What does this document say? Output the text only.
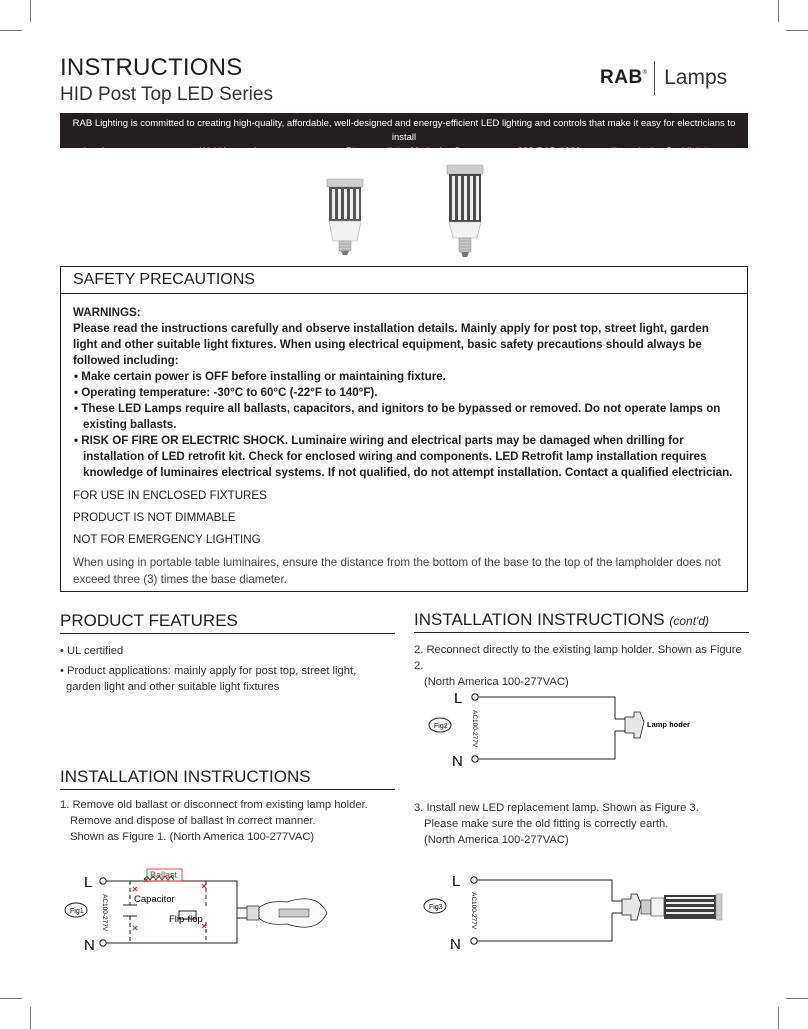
INSTRUCTIONS
HID Post Top LED Series
RAB ® Lamps
RAB Lighting is committed to creating high-quality, affordable, well-designed and energy-efficient LED lighting and controls that make it easy for electricians to install
and end users to save energy. We'd love to hear your comments. Please call the Marketing Department at 888-RAB-1000 or email: marketing@rablighting.com
SAFETY PRECAUTIONS
WARNINGS:
Please read the instructions carefully and observe installation details. Mainly apply for post top, street light, garden light and other suitable light fixtures. When using electrical equipment, basic safety precautions should always be followed including:
• Make certain power is OFF before installing or maintaining fixture.
• Operating temperature: -30°C to 60°C (-22°F to 140°F).
• These LED Lamps require all ballasts, capacitors, and ignitors to be bypassed or removed. Do not operate lamps on existing ballasts.
• RISK OF FIRE OR ELECTRIC SHOCK. Luminaire wiring and electrical parts may be damaged when drilling for installation of LED retrofit kit. Check for enclosed wiring and components. LED Retrofit lamp installation requires knowledge of luminaires electrical systems. If not qualified, do not attempt installation. Contact a qualified electrician.
FOR USE IN ENCLOSED FIXTURES
PRODUCT IS NOT DIMMABLE
NOT FOR EMERGENCY LIGHTING
When using in portable table luminaires, ensure the distance from the bottom of the base to the top of the lampholder does not exceed three (3) times the base diameter.
PRODUCT FEATURES
• UL certified
• Product applications: mainly apply for post top, street light, garden light and other suitable light fixtures
INSTALLATION INSTRUCTIONS
1. Remove old ballast or disconnect from existing lamp holder.
Remove and dispose of ballast in correct manner.
Shown as Figure 1. (North America 100-277VAC)
INSTALLATION INSTRUCTIONS (cont'd)
2. Reconnect directly to the existing lamp holder. Shown as Figure 2.
(North America 100-277VAC)
3. Install new LED replacement lamp. Shown as Figure 3.
Please make sure the old fitting is correctly earth.
(North America 100-277VAC)
Fig1
L
N
AC100-277V
Ballast
Capacitor
Flip-flop
Fig2
L
N
AC100-277V	Lamp hoder
Fig3
L
N
AC100-277V
